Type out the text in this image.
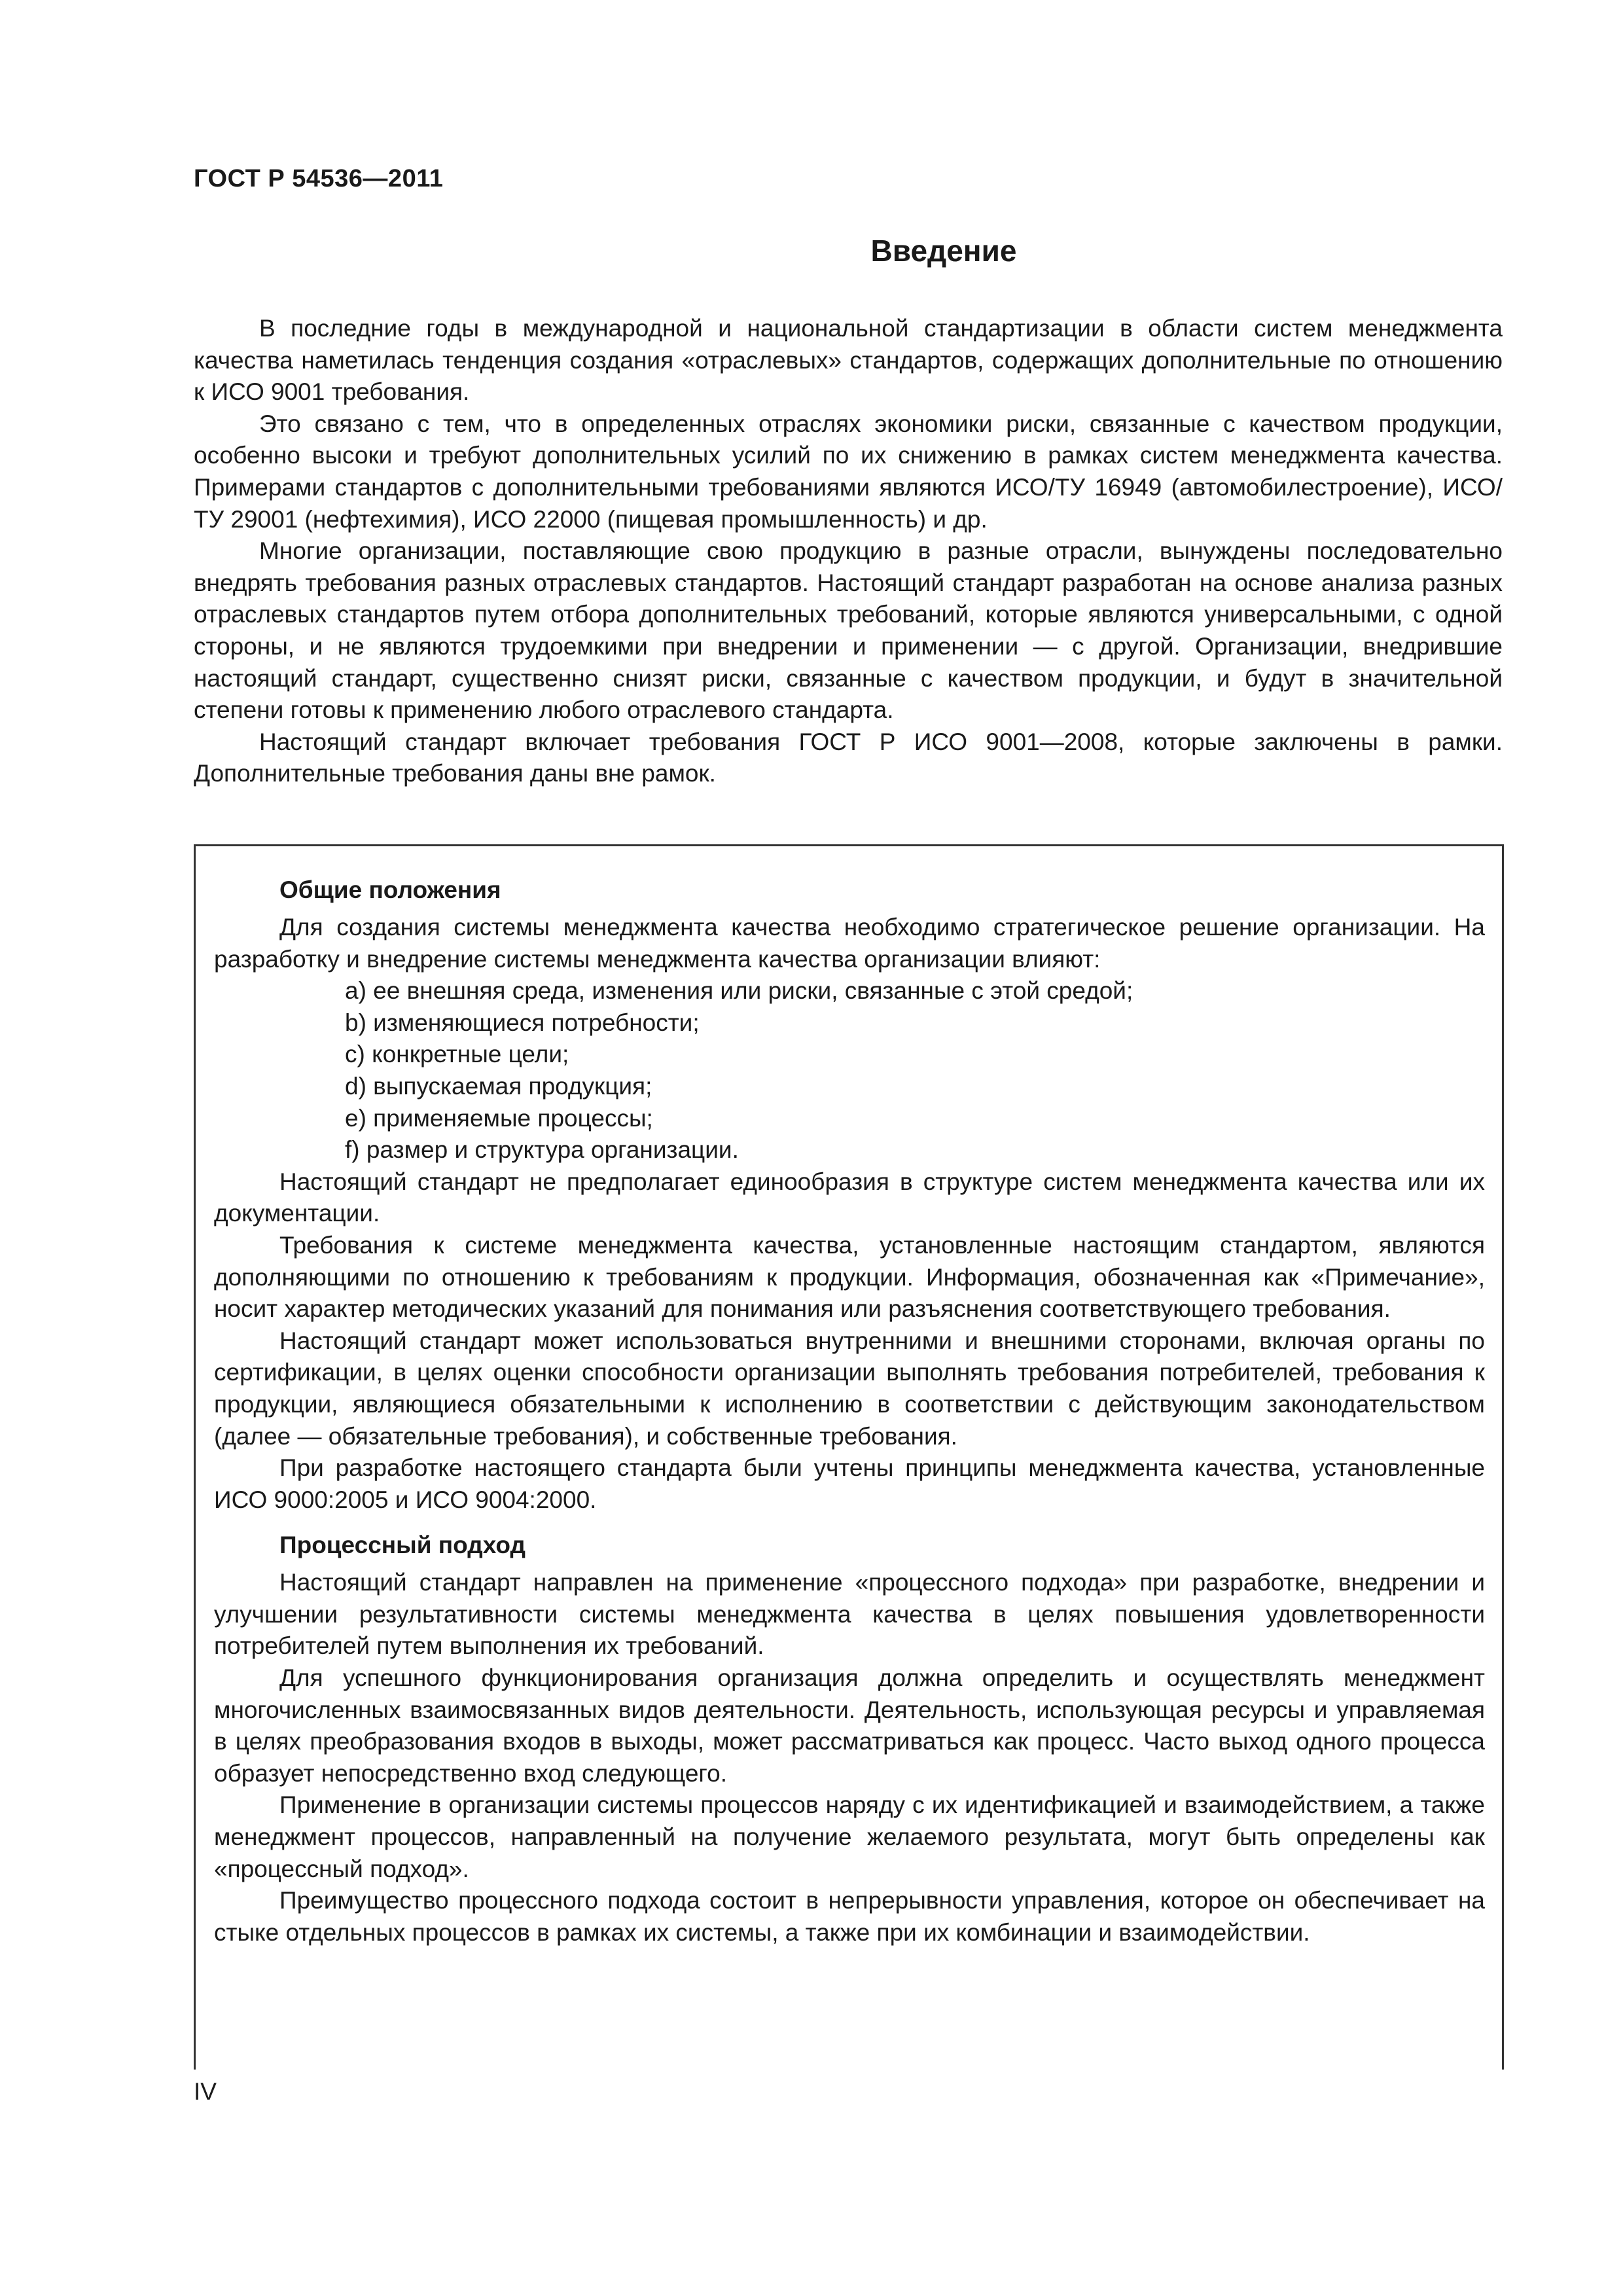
ГОСТ Р 54536—2011
Введение

В последние годы в международной и национальной стандартизации в области систем менеджмента качества наметилась тенденция создания «отраслевых» стандартов, содержащих дополнительные по отношению к ИСО 9001 требования.

Это связано с тем, что в определенных отраслях экономики риски, связанные с качеством продукции, особенно высоки и требуют дополнительных усилий по их снижению в рамках систем менеджмента качества. Примерами стандартов с дополнительными требованиями являются ИСО/ТУ 16949 (автомобилестроение), ИСО/ТУ 29001 (нефтехимия), ИСО 22000 (пищевая промышленность) и др.

Многие организации, поставляющие свою продукцию в разные отрасли, вынуждены последовательно внедрять требования разных отраслевых стандартов. Настоящий стандарт разработан на основе анализа разных отраслевых стандартов путем отбора дополнительных требований, которые являются универсальными, с одной стороны, и не являются трудоемкими при внедрении и применении — с другой. Организации, внедрившие настоящий стандарт, существенно снизят риски, связанные с качеством продукции, и будут в значительной степени готовы к применению любого отраслевого стандарта.

Настоящий стандарт включает требования ГОСТ Р ИСО 9001—2008, которые заключены в рамки. Дополнительные требования даны вне рамок.

Общие положения

Для создания системы менеджмента качества необходимо стратегическое решение организации. На разработку и внедрение системы менеджмента качества организации влияют:

a) ее внешняя среда, изменения или риски, связанные с этой средой;

b) изменяющиеся потребности;

c) конкретные цели;

d) выпускаемая продукция;

e) применяемые процессы;

f) размер и структура организации.

Настоящий стандарт не предполагает единообразия в структуре систем менеджмента качества или их документации.

Требования к системе менеджмента качества, установленные настоящим стандартом, являются дополняющими по отношению к требованиям к продукции. Информация, обозначенная как «Примечание», носит характер методических указаний для понимания или разъяснения соответствующего требования.

Настоящий стандарт может использоваться внутренними и внешними сторонами, включая органы по сертификации, в целях оценки способности организации выполнять требования потребителей, требования к продукции, являющиеся обязательными к исполнению в соответствии с действующим законодательством (далее — обязательные требования), и собственные требования.

При разработке настоящего стандарта были учтены принципы менеджмента качества, установленные ИСО 9000:2005 и ИСО 9004:2000.

Процессный подход

Настоящий стандарт направлен на применение «процессного подхода» при разработке, внедрении и улучшении результативности системы менеджмента качества в целях повышения удовлетворенности потребителей путем выполнения их требований.

Для успешного функционирования организация должна определить и осуществлять менеджмент многочисленных взаимосвязанных видов деятельности. Деятельность, использующая ресурсы и управляемая в целях преобразования входов в выходы, может рассматриваться как процесс. Часто выход одного процесса образует непосредственно вход следующего.

Применение в организации системы процессов наряду с их идентификацией и взаимодействием, а также менеджмент процессов, направленный на получение желаемого результата, могут быть определены как «процессный подход».

Преимущество процессного подхода состоит в непрерывности управления, которое он обеспечивает на стыке отдельных процессов в рамках их системы, а также при их комбинации и взаимодействии.

IV
